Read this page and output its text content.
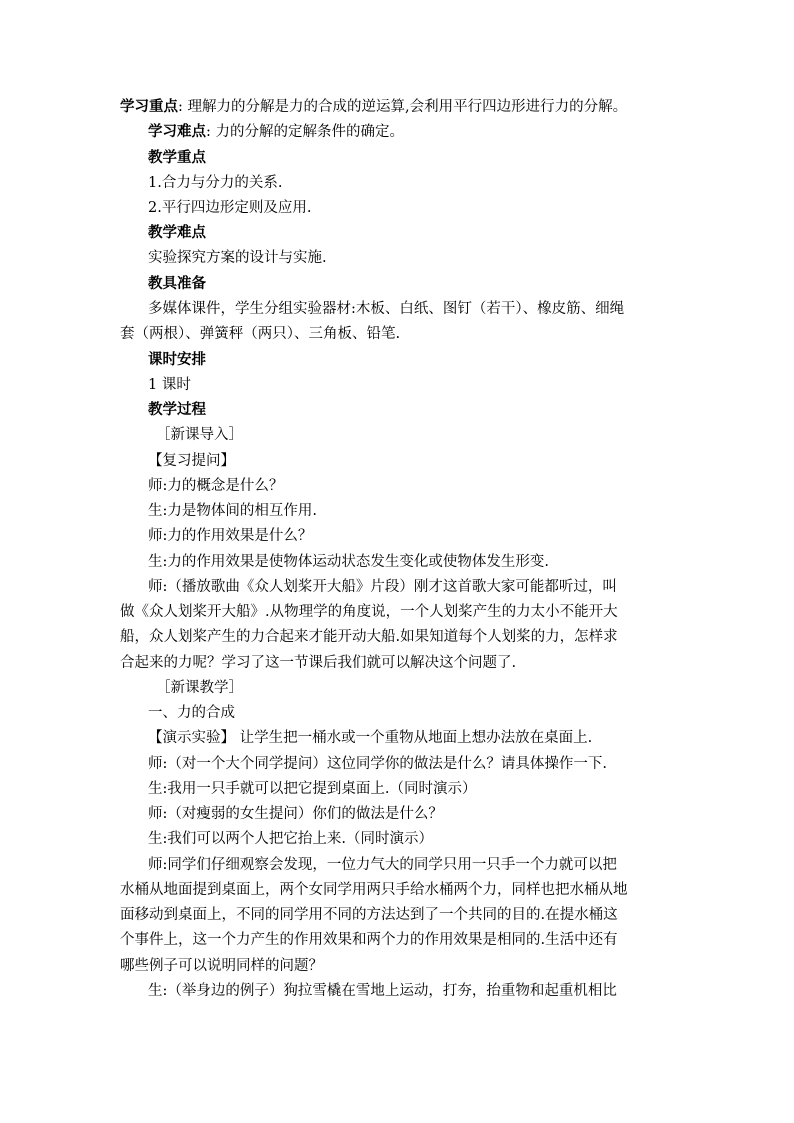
学习重点: 理解力的分解是力的合成的逆运算,会利用平行四边形进行力的分解。
学习难点: 力的分解的定解条件的确定。
教学重点
1.合力与分力的关系.
2.平行四边形定则及应用.
教学难点
实验探究方案的设计与实施.
教具准备
多媒体课件，学生分组实验器材:木板、白纸、图钉（若干）、橡皮筋、细绳
套（两根）、弹簧秤（两只）、三角板、铅笔.
课时安排
1 课时
教学过程
［新课导入］
【复习提问】
师:力的概念是什么？
生:力是物体间的相互作用.
师:力的作用效果是什么？
生:力的作用效果是使物体运动状态发生变化或使物体发生形变.
师:（播放歌曲《众人划桨开大船》片段）刚才这首歌大家可能都听过，叫
做《众人划桨开大船》.从物理学的角度说，一个人划桨产生的力太小不能开大
船，众人划桨产生的力合起来才能开动大船.如果知道每个人划桨的力，怎样求
合起来的力呢？学习了这一节课后我们就可以解决这个问题了.
［新课教学］
一、力的合成
【演示实验】 让学生把一桶水或一个重物从地面上想办法放在桌面上.
师:（对一个大个同学提问）这位同学你的做法是什么？请具体操作一下.
生:我用一只手就可以把它提到桌面上.（同时演示）
师:（对瘦弱的女生提问）你们的做法是什么？
生:我们可以两个人把它抬上来.（同时演示）
师:同学们仔细观察会发现，一位力气大的同学只用一只手一个力就可以把
水桶从地面提到桌面上，两个女同学用两只手给水桶两个力，同样也把水桶从地
面移动到桌面上，不同的同学用不同的方法达到了一个共同的目的.在提水桶这
个事件上，这一个力产生的作用效果和两个力的作用效果是相同的.生活中还有
哪些例子可以说明同样的问题？
生:（举身边的例子）狗拉雪橇在雪地上运动，打夯，抬重物和起重机相比
